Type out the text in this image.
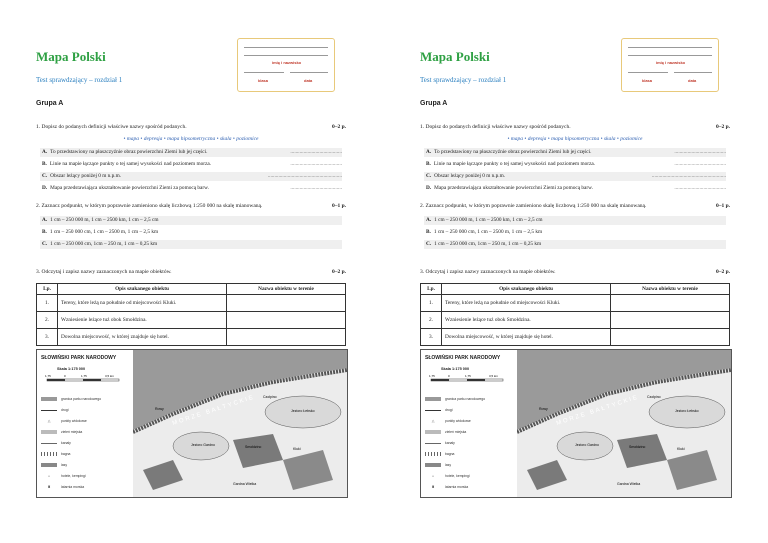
Mapa Polski
Test sprawdzający – rozdział 1
imię i nazwisko
klasa	data
Grupa A
1. Dopisz do podanych definicji właściwe nazwy spośród podanych.	0–2 p.
• mapa • depresja • mapa hipsometryczna • skala • poziomice
A. To przedstawiony na płaszczyźnie obraz powierzchni Ziemi lub jej części.	.......................................
B. Linie na mapie łączące punkty o tej samej wysokości nad poziomem morza.	.......................................
C. Obszar leżący poniżej 0 m n.p.m.	........................................................
D. Mapa przedstawiająca ukształtowanie powierzchni Ziemi za pomocą barw.	.......................................
2. Zaznacz podpunkt, w którym poprawnie zamieniono skalę liczbową 1:250 000 na skalę mianowaną.	0–1 p.
A. 1 cm – 250 000 m, 1 cm – 2500 km, 1 cm – 2,5 cm
B. 1 cm – 250 000 cm, 1 cm – 2500 m, 1 cm – 2,5 km
C. 1 cm – 250 000 cm, 1cm – 250 m, 1 cm – 0,25 km
3. Odczytaj i zapisz nazwy zaznaczonych na mapie obiektów.	0–2 p.
Lp.	Opis szukanego obiektu	Nazwa obiektu w terenie
1.	Tereny, które leżą na południe od miejscowości Kluki.	
2.	Wzniesienie leżące tuż obok Smołdzina.	
3.	Dowolna miejscowość, w której znajduje się hotel.	
SŁOWIŃSKI PARK NARODOWY
Skala 1:175 000
1,75	0	1,75	3,5 km
granica parku narodowego
drogi
△	punkty widokowe
zieleń miejska
kanały
bagna
lasy
⌂	hotele, kempingi
♜	latarnia morska
MORZE BAŁTYCKIE
Jezioro Gardno
Jezioro Łebsko
Smołdzino
Gardna Wielka
Rowy
Kluki
Czołpino
Mapa Polski
Test sprawdzający – rozdział 1
imię i nazwisko
klasa	data
Grupa A
1. Dopisz do podanych definicji właściwe nazwy spośród podanych.	0–2 p.
• mapa • depresja • mapa hipsometryczna • skala • poziomice
A. To przedstawiony na płaszczyźnie obraz powierzchni Ziemi lub jej części.	.......................................
B. Linie na mapie łączące punkty o tej samej wysokości nad poziomem morza.	.......................................
C. Obszar leżący poniżej 0 m n.p.m.	........................................................
D. Mapa przedstawiająca ukształtowanie powierzchni Ziemi za pomocą barw.	.......................................
2. Zaznacz podpunkt, w którym poprawnie zamieniono skalę liczbową 1:250 000 na skalę mianowaną.	0–1 p.
A. 1 cm – 250 000 m, 1 cm – 2500 km, 1 cm – 2,5 cm
B. 1 cm – 250 000 cm, 1 cm – 2500 m, 1 cm – 2,5 km
C. 1 cm – 250 000 cm, 1cm – 250 m, 1 cm – 0,25 km
3. Odczytaj i zapisz nazwy zaznaczonych na mapie obiektów.	0–2 p.
Lp.	Opis szukanego obiektu	Nazwa obiektu w terenie
1.	Tereny, które leżą na południe od miejscowości Kluki.	
2.	Wzniesienie leżące tuż obok Smołdzina.	
3.	Dowolna miejscowość, w której znajduje się hotel.	
SŁOWIŃSKI PARK NARODOWY
Skala 1:175 000
1,75	0	1,75	3,5 km
granica parku narodowego
drogi
△	punkty widokowe
zieleń miejska
kanały
bagna
lasy
⌂	hotele, kempingi
♜	latarnia morska
MORZE BAŁTYCKIE
Jezioro Gardno
Jezioro Łebsko
Smołdzino
Gardna Wielka
Rowy
Kluki
Czołpino
